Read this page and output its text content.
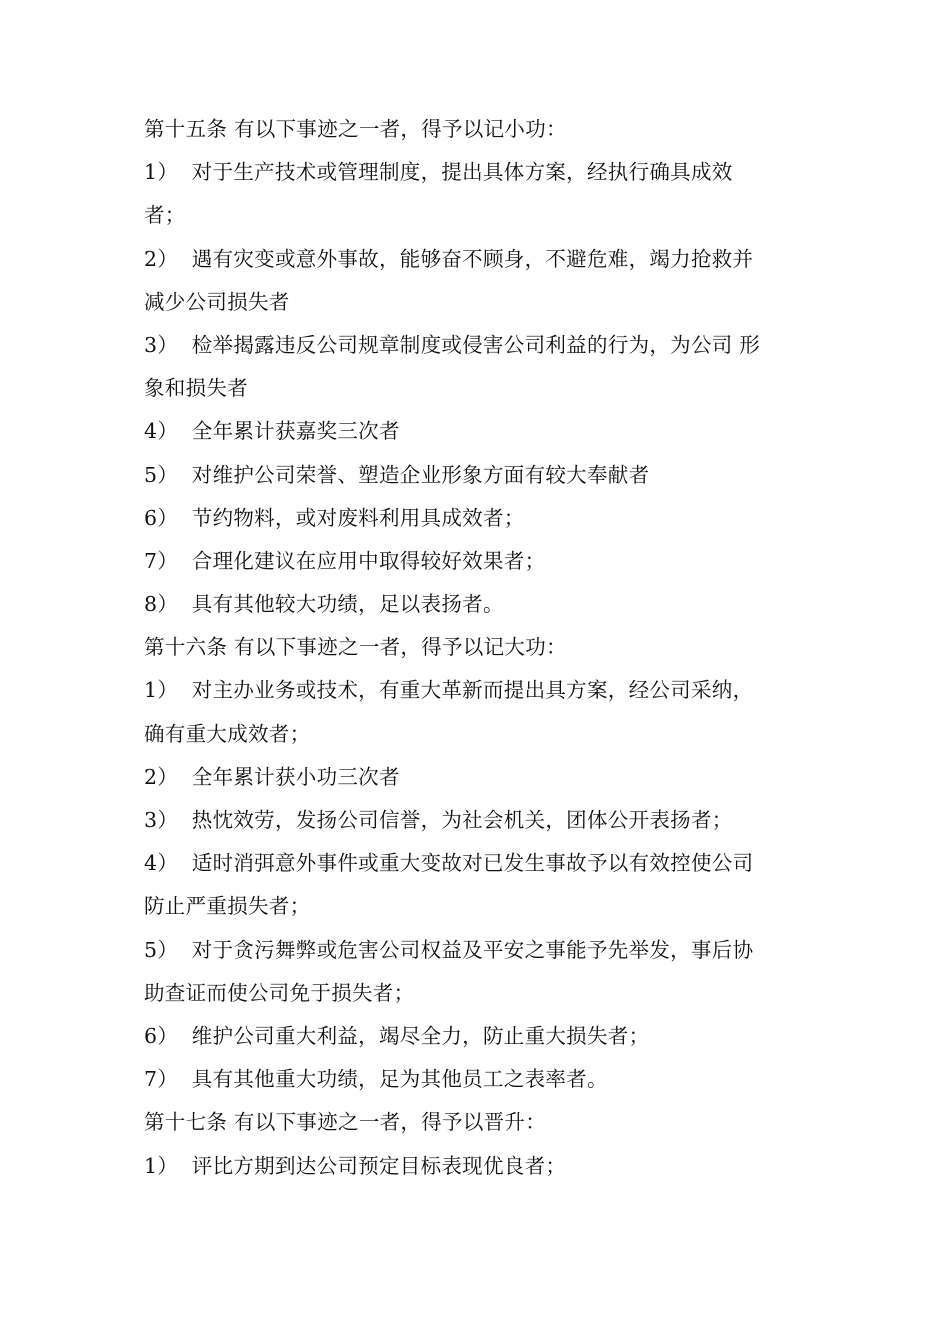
第十五条 有以下事迹之一者，得予以记小功：
1）  对于生产技术或管理制度，提出具体方案，经执行确具成效
者；
2）  遇有灾变或意外事故，能够奋不顾身，不避危难，竭力抢救并
减少公司损失者
3）  检举揭露违反公司规章制度或侵害公司利益的行为，为公司 形
象和损失者
4）  全年累计获嘉奖三次者
5）  对维护公司荣誉、塑造企业形象方面有较大奉献者
6）  节约物料，或对废料利用具成效者；
7）  合理化建议在应用中取得较好效果者；
8）  具有其他较大功绩，足以表扬者。
第十六条 有以下事迹之一者，得予以记大功：
1）  对主办业务或技术，有重大革新而提出具方案，经公司采纳，
确有重大成效者；
2）  全年累计获小功三次者
3）  热忱效劳，发扬公司信誉，为社会机关，团体公开表扬者；
4）  适时消弭意外事件或重大变故对已发生事故予以有效控使公司
防止严重损失者；
5）  对于贪污舞弊或危害公司权益及平安之事能予先举发，事后协
助查证而使公司免于损失者；
6）  维护公司重大利益，竭尽全力，防止重大损失者；
7）  具有其他重大功绩，足为其他员工之表率者。
第十七条 有以下事迹之一者，得予以晋升：
1）  评比方期到达公司预定目标表现优良者；
